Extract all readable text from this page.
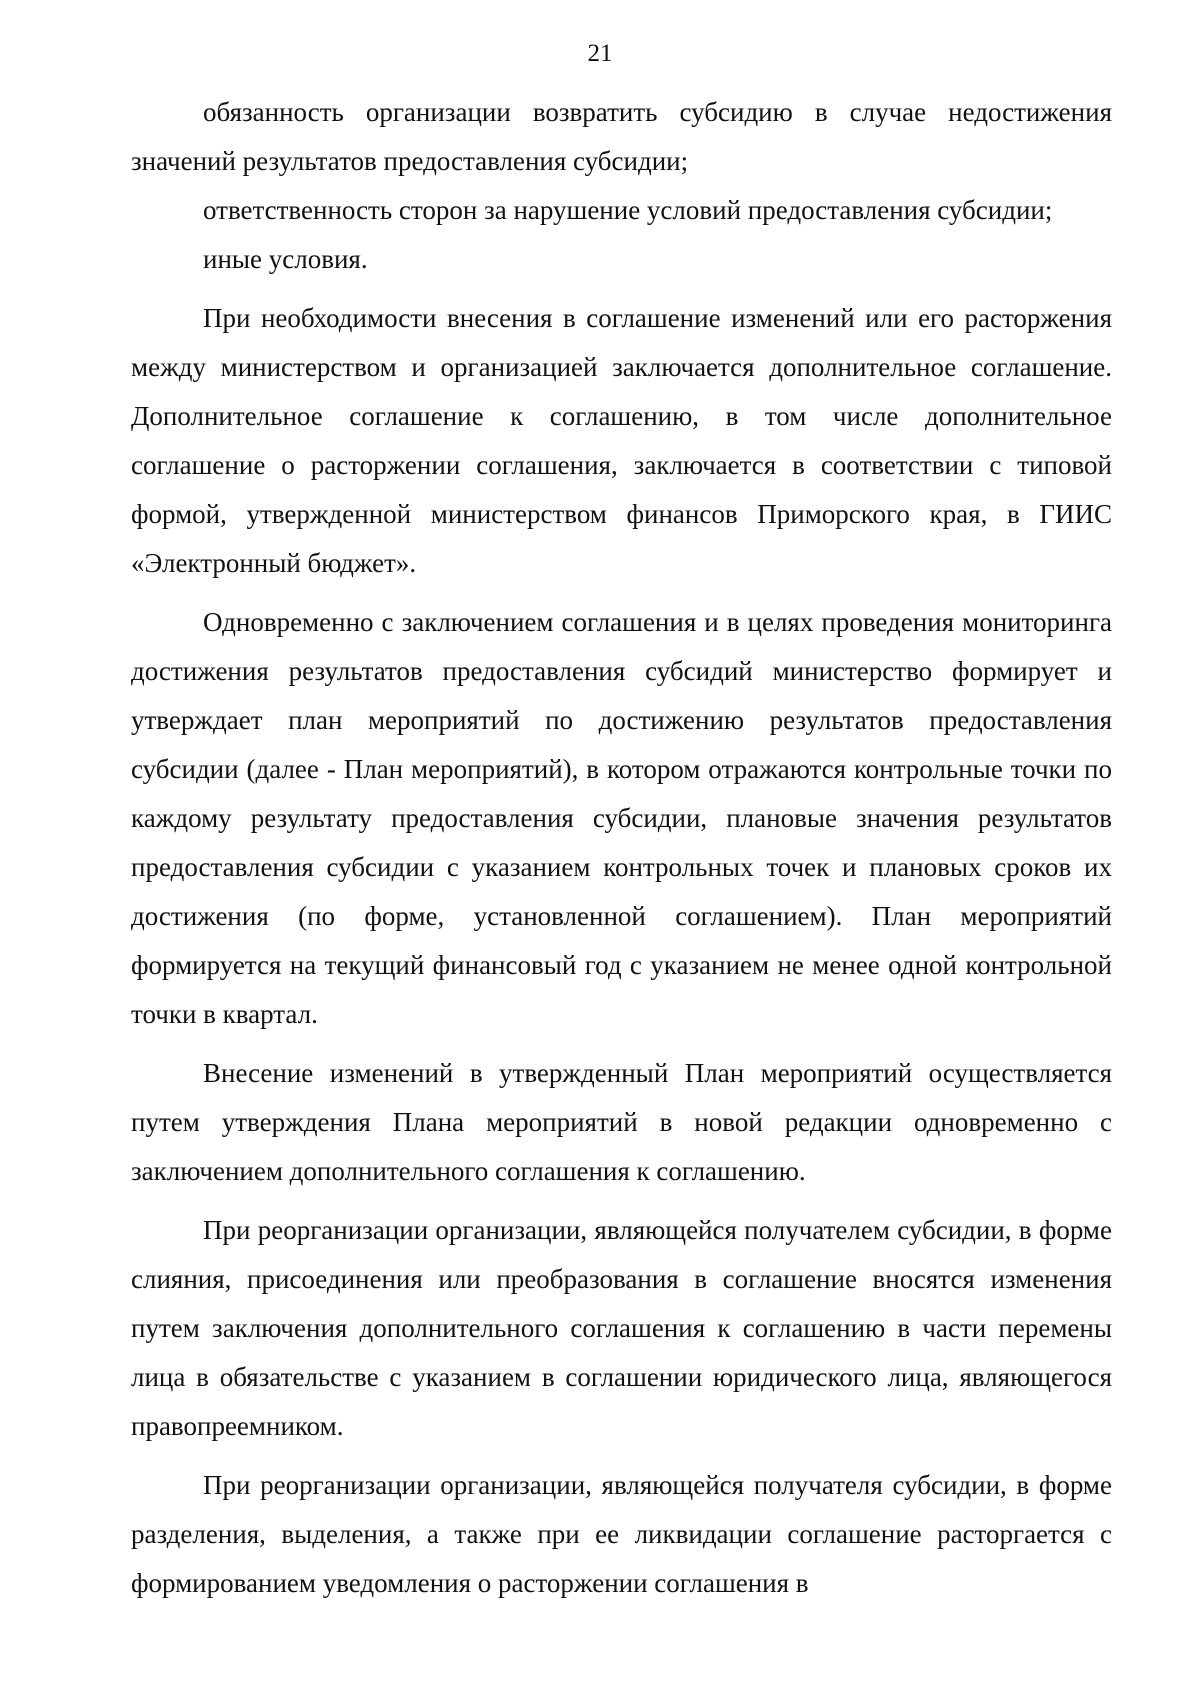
21

обязанность организации возвратить субсидию в случае недостижения значений результатов предоставления субсидии;

ответственность сторон за нарушение условий предоставления субсидии;

иные условия.

При необходимости внесения в соглашение изменений или его расторжения между министерством и организацией заключается дополнительное соглашение. Дополнительное соглашение к соглашению, в том числе дополнительное соглашение о расторжении соглашения, заключается в соответствии с типовой формой, утвержденной министерством финансов Приморского края, в ГИИС «Электронный бюджет».

Одновременно с заключением соглашения и в целях проведения мониторинга достижения результатов предоставления субсидий министерство формирует и утверждает план мероприятий по достижению результатов предоставления субсидии (далее - План мероприятий), в котором отражаются контрольные точки по каждому результату предоставления субсидии, плановые значения результатов предоставления субсидии с указанием контрольных точек и плановых сроков их достижения (по форме, установленной соглашением). План мероприятий формируется на текущий финансовый год с указанием не менее одной контрольной точки в квартал.

Внесение изменений в утвержденный План мероприятий осуществляется путем утверждения Плана мероприятий в новой редакции одновременно с заключением дополнительного соглашения к соглашению.

При реорганизации организации, являющейся получателем субсидии, в форме слияния, присоединения или преобразования в соглашение вносятся изменения путем заключения дополнительного соглашения к соглашению в части перемены лица в обязательстве с указанием в соглашении юридического лица, являющегося правопреемником.

При реорганизации организации, являющейся получателя субсидии, в форме разделения, выделения, а также при ее ликвидации соглашение расторгается с формированием уведомления о расторжении соглашения в
